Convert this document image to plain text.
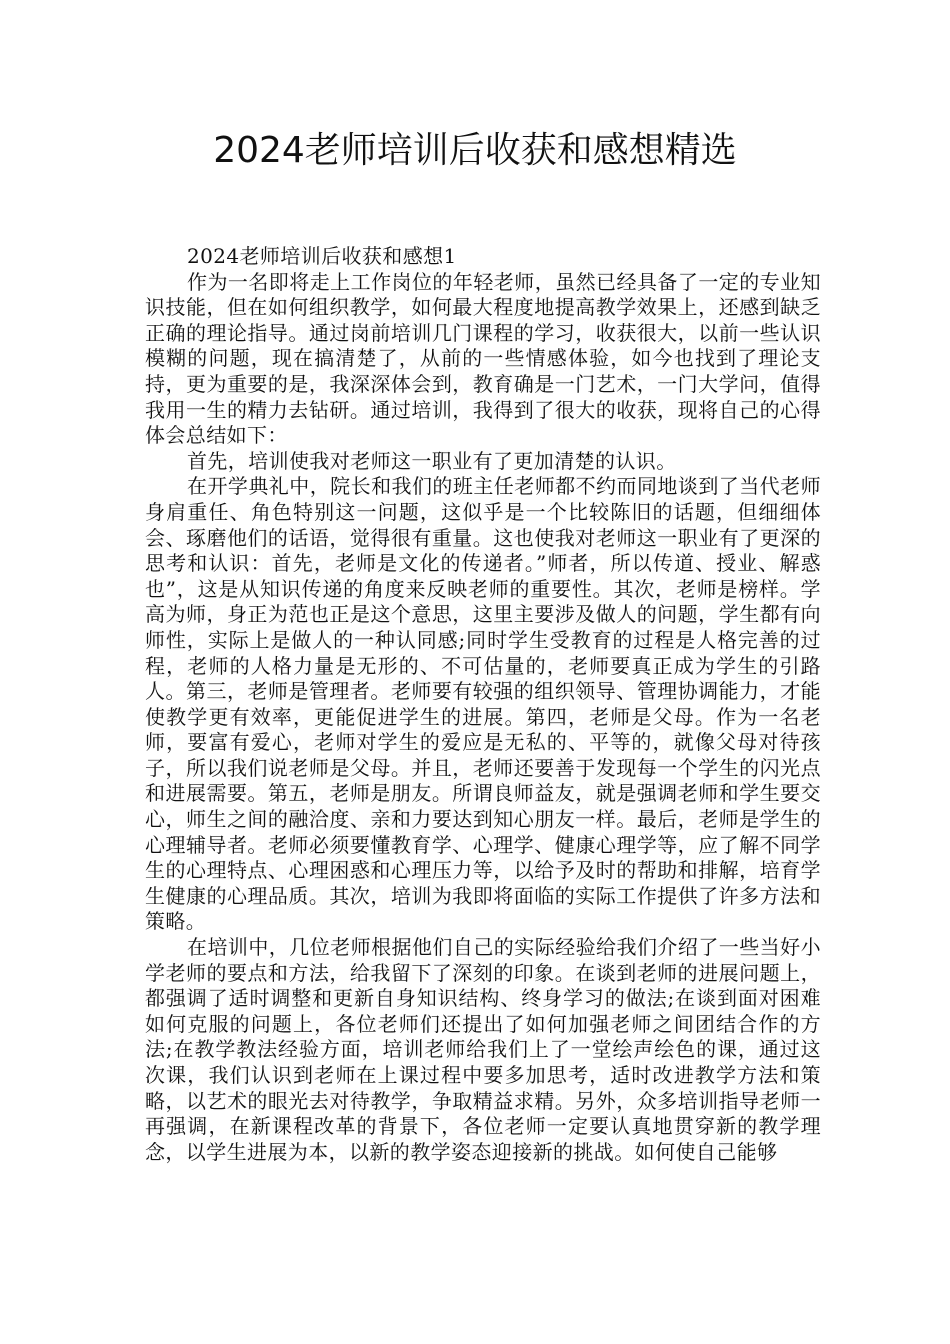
2024老师培训后收获和感想精选

2024老师培训后收获和感想1

作为一名即将走上工作岗位的年轻老师，虽然已经具备了一定的专业知识技能，但在如何组织教学，如何最大程度地提高教学效果上，还感到缺乏正确的理论指导。通过岗前培训几门课程的学习，收获很大，以前一些认识模糊的问题，现在搞清楚了，从前的一些情感体验，如今也找到了理论支持，更为重要的是，我深深体会到，教育确是一门艺术，一门大学问，值得我用一生的精力去钻研。通过培训，我得到了很大的收获，现将自己的心得体会总结如下：

首先，培训使我对老师这一职业有了更加清楚的认识。

在开学典礼中，院长和我们的班主任老师都不约而同地谈到了当代老师身肩重任、角色特别这一问题，这似乎是一个比较陈旧的话题，但细细体会、琢磨他们的话语，觉得很有重量。这也使我对老师这一职业有了更深的思考和认识：首先，老师是文化的传递者。”师者，所以传道、授业、解惑也”，这是从知识传递的角度来反映老师的重要性。其次，老师是榜样。学高为师，身正为范也正是这个意思，这里主要涉及做人的问题，学生都有向师性，实际上是做人的一种认同感;同时学生受教育的过程是人格完善的过程，老师的人格力量是无形的、不可估量的，老师要真正成为学生的引路人。第三，老师是管理者。老师要有较强的组织领导、管理协调能力，才能使教学更有效率，更能促进学生的进展。第四，老师是父母。作为一名老师，要富有爱心，老师对学生的爱应是无私的、平等的，就像父母对待孩子，所以我们说老师是父母。并且，老师还要善于发现每一个学生的闪光点和进展需要。第五，老师是朋友。所谓良师益友，就是强调老师和学生要交心，师生之间的融洽度、亲和力要达到知心朋友一样。最后，老师是学生的心理辅导者。老师必须要懂教育学、心理学、健康心理学等，应了解不同学生的心理特点、心理困惑和心理压力等，以给予及时的帮助和排解，培育学生健康的心理品质。其次，培训为我即将面临的实际工作提供了许多方法和策略。

在培训中，几位老师根据他们自己的实际经验给我们介绍了一些当好小学老师的要点和方法，给我留下了深刻的印象。在谈到老师的进展问题上，都强调了适时调整和更新自身知识结构、终身学习的做法;在谈到面对困难如何克服的问题上，各位老师们还提出了如何加强老师之间团结合作的方法;在教学教法经验方面，培训老师给我们上了一堂绘声绘色的课，通过这次课，我们认识到老师在上课过程中要多加思考，适时改进教学方法和策略，以艺术的眼光去对待教学，争取精益求精。另外，众多培训指导老师一再强调，在新课程改革的背景下，各位老师一定要认真地贯穿新的教学理念，以学生进展为本，以新的教学姿态迎接新的挑战。如何使自己能够
